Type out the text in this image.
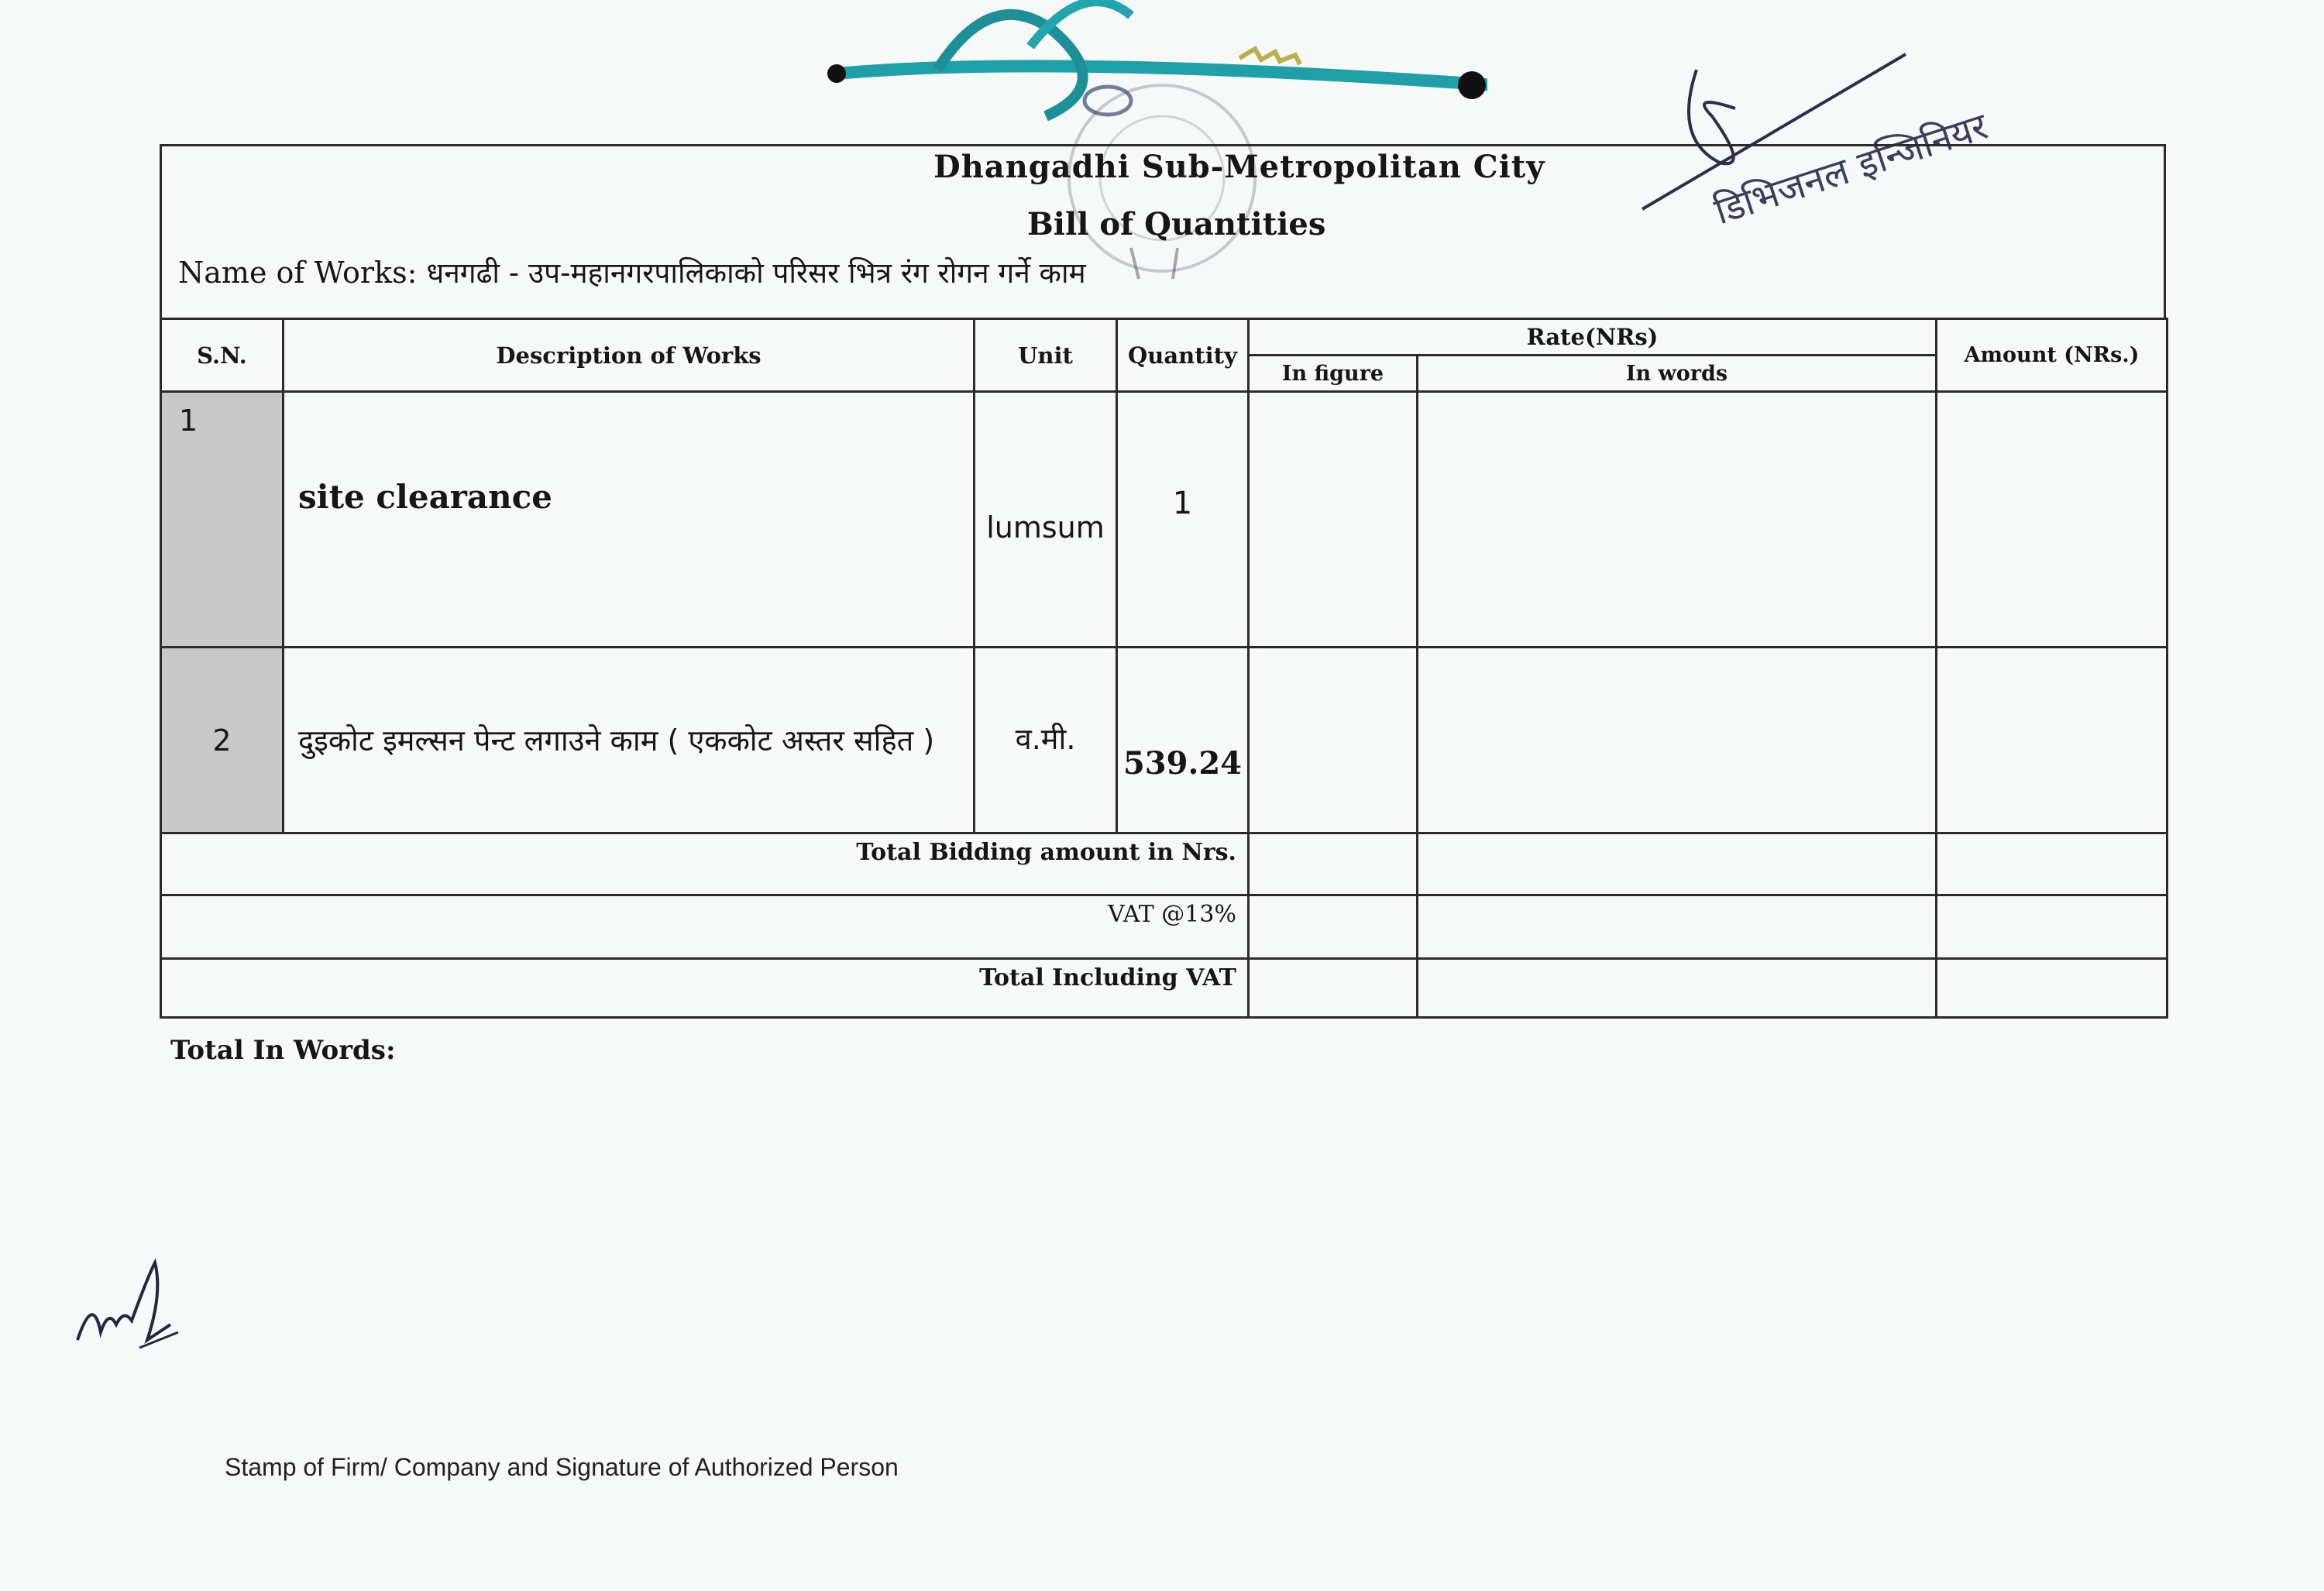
डिभिजनल इन्जिनियर
Dhangadhi Sub-Metropolitan City
Bill of Quantities
Name of Works: धनगढी - उप-महानगरपालिकाको परिसर भित्र रंग रोगन गर्ने काम
S.N.	Description of Works	Unit	Quantity	Rate(NRs)		Amount (NRs.)
				In figure	In words	
1	site clearance	lumsum	1			
2	दुइकोट इमल्सन पेन्ट लगाउने काम ( एककोट अस्तर सहित )	व.मी.	539.24			
Total Bidding amount in Nrs.						
VAT @13%						
Total Including VAT						
Total In Words:
Stamp of Firm/ Company and Signature of Authorized Person
